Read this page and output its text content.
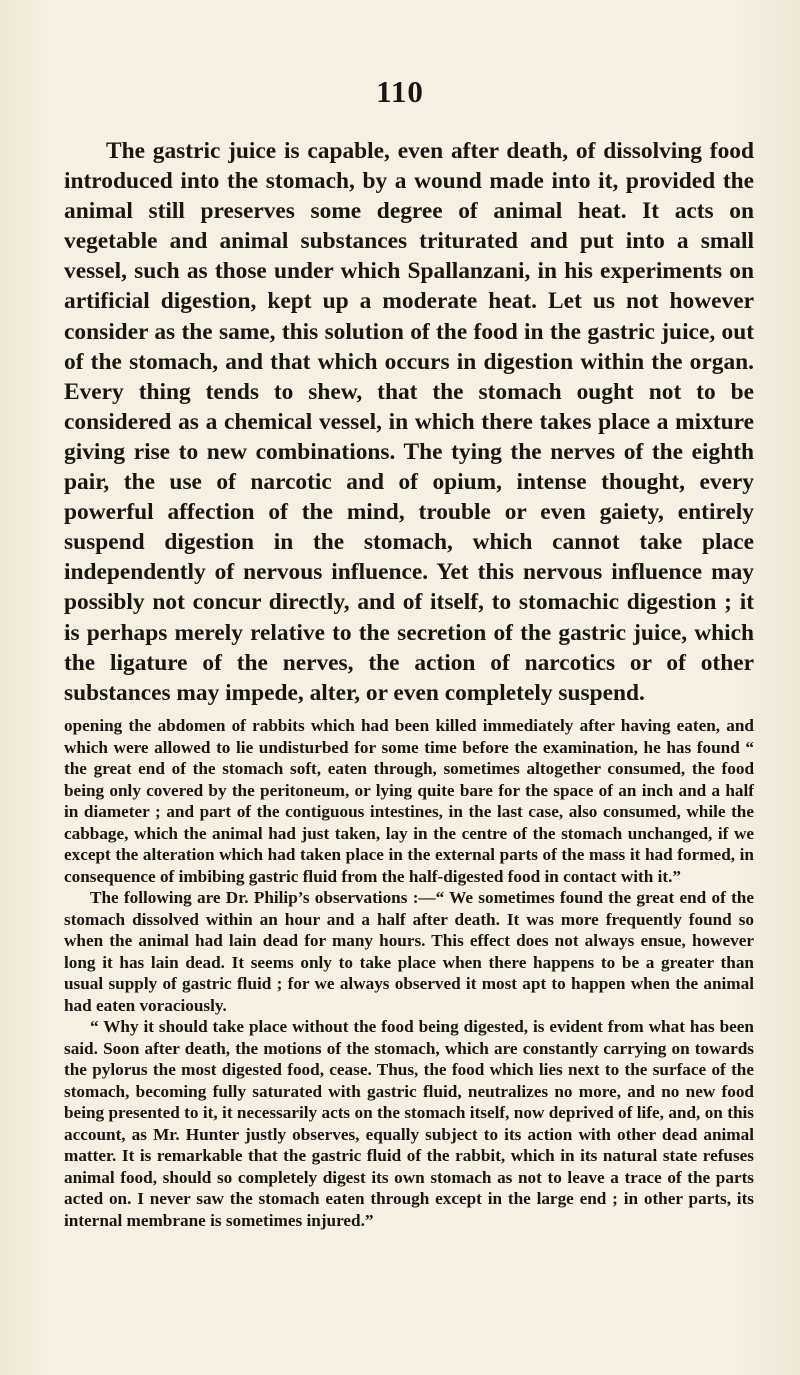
110

The gastric juice is capable, even after death, of dissolving food introduced into the stomach, by a wound made into it, provided the animal still preserves some degree of animal heat. It acts on vegetable and animal substances triturated and put into a small vessel, such as those under which Spallanzani, in his experiments on artificial digestion, kept up a moderate heat. Let us not however consider as the same, this solution of the food in the gastric juice, out of the stomach, and that which occurs in digestion within the organ. Every thing tends to shew, that the stomach ought not to be considered as a chemical vessel, in which there takes place a mixture giving rise to new combinations. The tying the nerves of the eighth pair, the use of narcotic and of opium, intense thought, every powerful affection of the mind, trouble or even gaiety, entirely suspend digestion in the stomach, which cannot take place independently of nervous influence. Yet this nervous influence may possibly not concur directly, and of itself, to stomachic digestion ; it is perhaps merely relative to the secretion of the gastric juice, which the ligature of the nerves, the action of narcotics or of other substances may impede, alter, or even completely suspend.

opening the abdomen of rabbits which had been killed immediately after having eaten, and which were allowed to lie undisturbed for some time before the examination, he has found “ the great end of the stomach soft, eaten through, sometimes altogether consumed, the food being only covered by the peritoneum, or lying quite bare for the space of an inch and a half in diameter ; and part of the contiguous intestines, in the last case, also consumed, while the cabbage, which the animal had just taken, lay in the centre of the stomach unchanged, if we except the alteration which had taken place in the external parts of the mass it had formed, in consequence of imbibing gastric fluid from the half-digested food in contact with it.”

The following are Dr. Philip’s observations :—“ We sometimes found the great end of the stomach dissolved within an hour and a half after death. It was more frequently found so when the animal had lain dead for many hours. This effect does not always ensue, however long it has lain dead. It seems only to take place when there happens to be a greater than usual supply of gastric fluid ; for we always observed it most apt to happen when the animal had eaten voraciously.

“ Why it should take place without the food being digested, is evident from what has been said. Soon after death, the motions of the stomach, which are constantly carrying on towards the pylorus the most digested food, cease. Thus, the food which lies next to the surface of the stomach, becoming fully saturated with gastric fluid, neutralizes no more, and no new food being presented to it, it necessarily acts on the stomach itself, now deprived of life, and, on this account, as Mr. Hunter justly observes, equally subject to its action with other dead animal matter. It is remarkable that the gastric fluid of the rabbit, which in its natural state refuses animal food, should so completely digest its own stomach as not to leave a trace of the parts acted on. I never saw the stomach eaten through except in the large end ; in other parts, its internal membrane is sometimes injured.”
